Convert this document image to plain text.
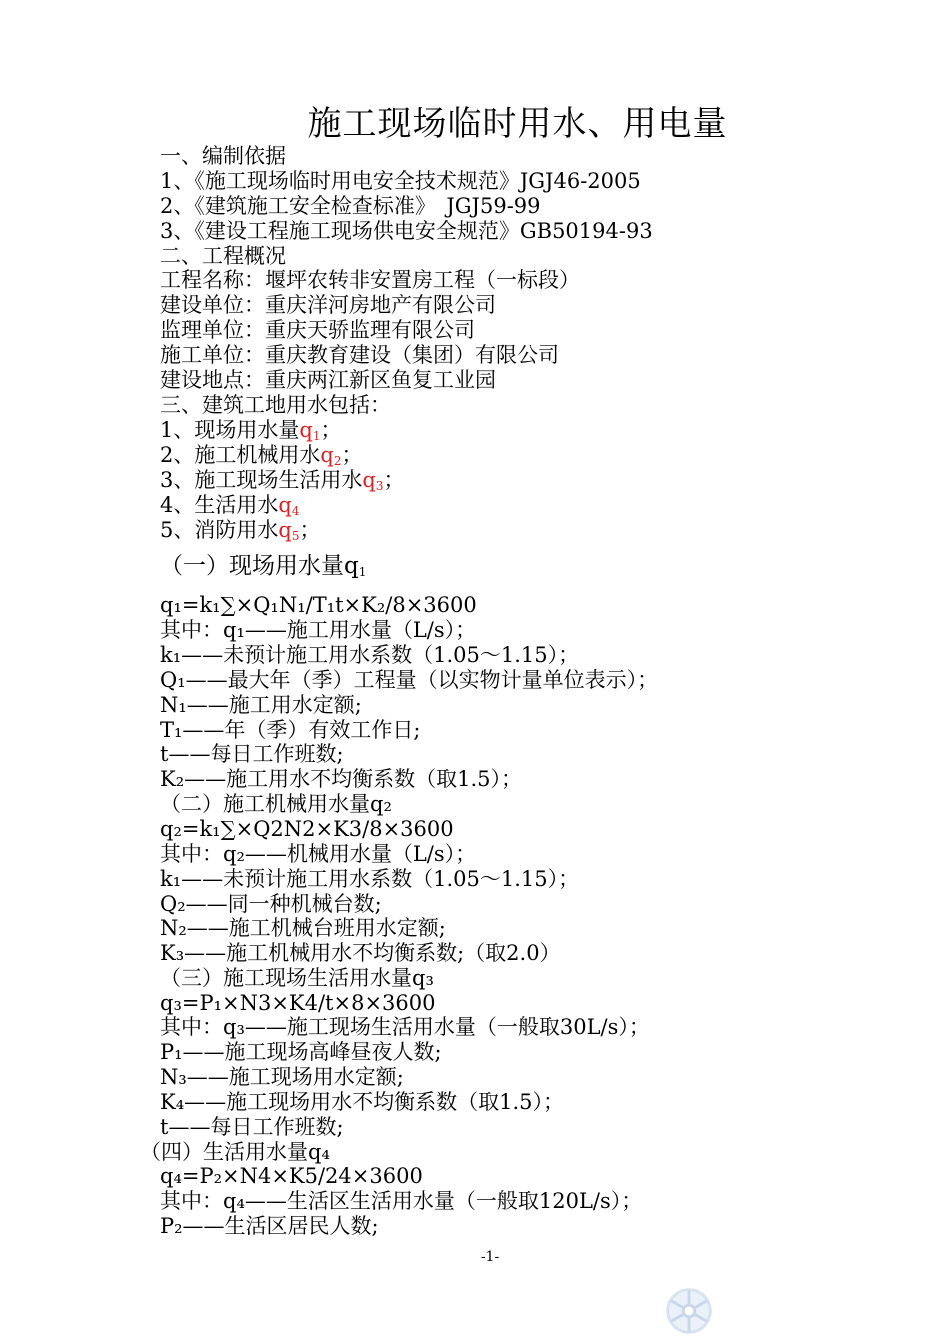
施工现场临时用水、用电量
一、编制依据
1、《施工现场临时用电安全技术规范》JGJ46-2005
2、《建筑施工安全检查标准》　JGJ59-99
3、《建设工程施工现场供电安全规范》GB50194-93
二、工程概况
工程名称：堰坪农转非安置房工程（一标段）
建设单位：重庆洋河房地产有限公司
监理单位：重庆天骄监理有限公司
施工单位：重庆教育建设（集团）有限公司
建设地点：重庆两江新区鱼复工业园
三、建筑工地用水包括：
1、现场用水量$q_1$；
2、施工机械用水$q_2$；
3、施工现场生活用水$q_3$；
4、生活用水$q_4$
5、消防用水$q_5$；
（一）现场用水量$q_1$
q₁=k₁∑×Q₁N₁/T₁t×K₂/8×3600
其中：q₁——施工用水量（L/s）；
k₁——未预计施工用水系数（1.05～1.15）；
Q₁——最大年（季）工程量（以实物计量单位表示）；
N₁——施工用水定额;
T₁——年（季）有效工作日;
t——每日工作班数;
K₂——施工用水不均衡系数（取1.5）；
（二）施工机械用水量q₂
q₂=k₁∑×Q2N2×K3/8×3600
其中：q₂——机械用水量（L/s）；
k₁——未预计施工用水系数（1.05～1.15）；
Q₂——同一种机械台数;
N₂——施工机械台班用水定额;
K₃——施工机械用水不均衡系数;（取2.0）
（三）施工现场生活用水量q₃
q₃=P₁×N3×K4/t×8×3600
其中：q₃——施工现场生活用水量（一般取30L/s）；
P₁——施工现场高峰昼夜人数;
N₃——施工现场用水定额;
K₄——施工现场用水不均衡系数（取1.5）；
t——每日工作班数;
（四）生活用水量q₄
q₄=P₂×N4×K5/24×3600
其中：q₄——生活区生活用水量（一般取120L/s）；
P₂——生活区居民人数;
-1-
